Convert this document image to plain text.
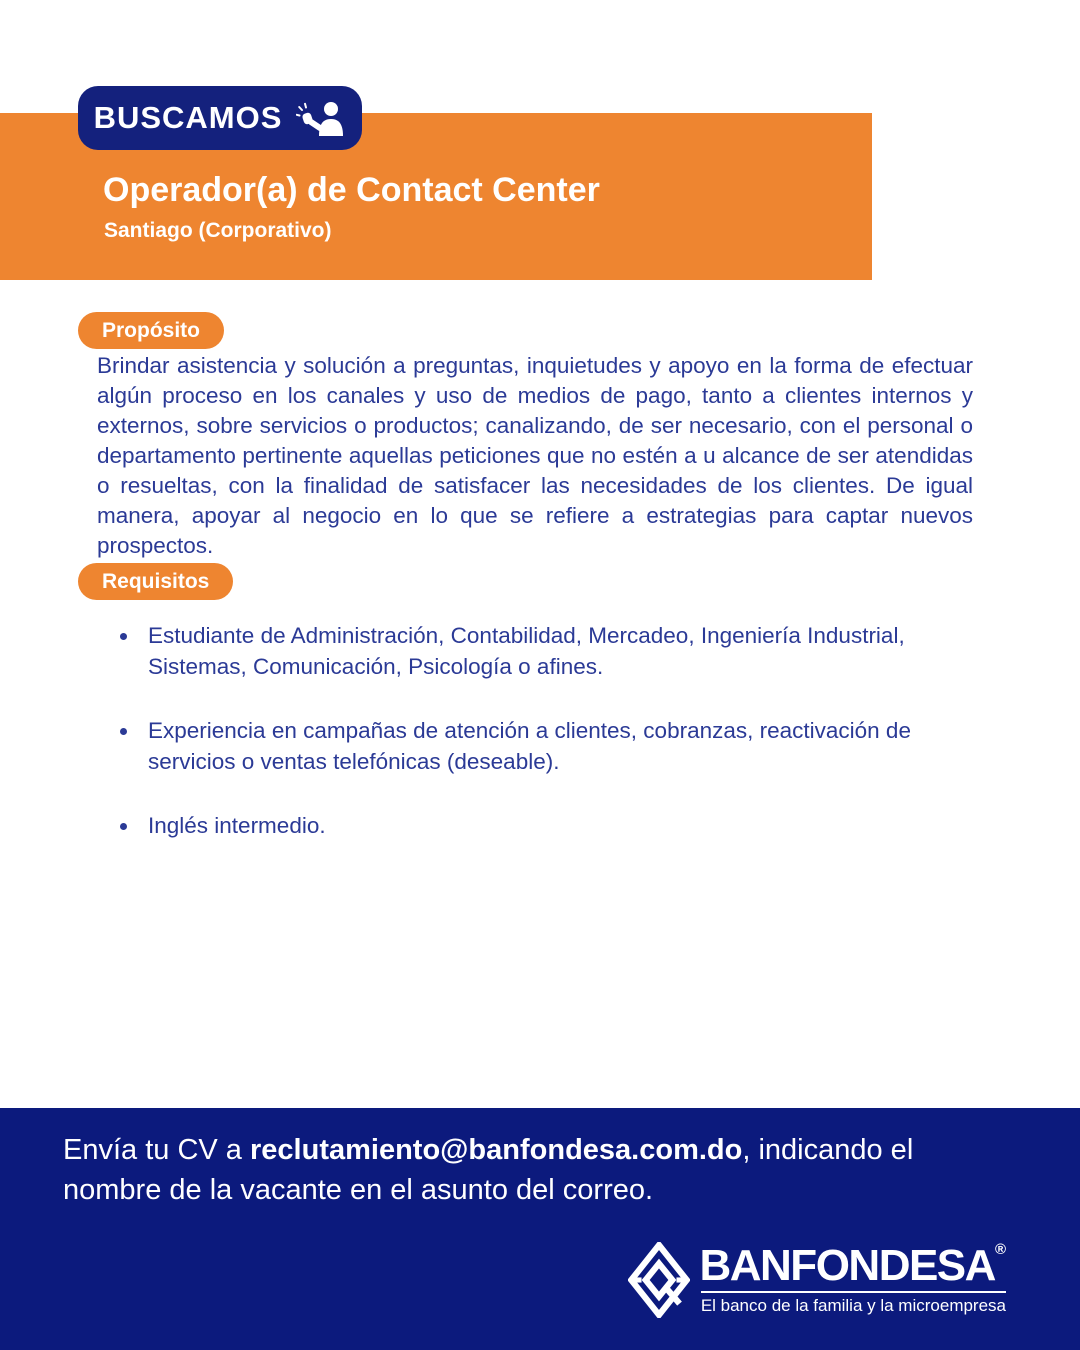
BUSCAMOS
Operador(a) de Contact Center
Santiago (Corporativo)
Propósito
Brindar asistencia y solución a preguntas, inquietudes y apoyo en la forma de efectuar algún proceso en los canales y uso de medios de pago, tanto a clientes internos y externos, sobre servicios o productos; canalizando, de ser necesario, con el personal o departamento pertinente aquellas peticiones que no estén a u alcance de ser atendidas o resueltas, con la finalidad de satisfacer las necesidades de los clientes. De igual manera, apoyar al negocio en lo que se refiere a estrategias para captar nuevos prospectos.
Requisitos
• Estudiante de Administración, Contabilidad, Mercadeo, Ingeniería Industrial, Sistemas, Comunicación, Psicología o afines.
• Experiencia en campañas de atención a clientes, cobranzas, reactivación de servicios o ventas telefónicas (deseable).
• Inglés intermedio.
Envía tu CV a reclutamiento@banfondesa.com.do, indicando el nombre de la vacante en el asunto del correo.
BANFONDESA®
El banco de la familia y la microempresa
